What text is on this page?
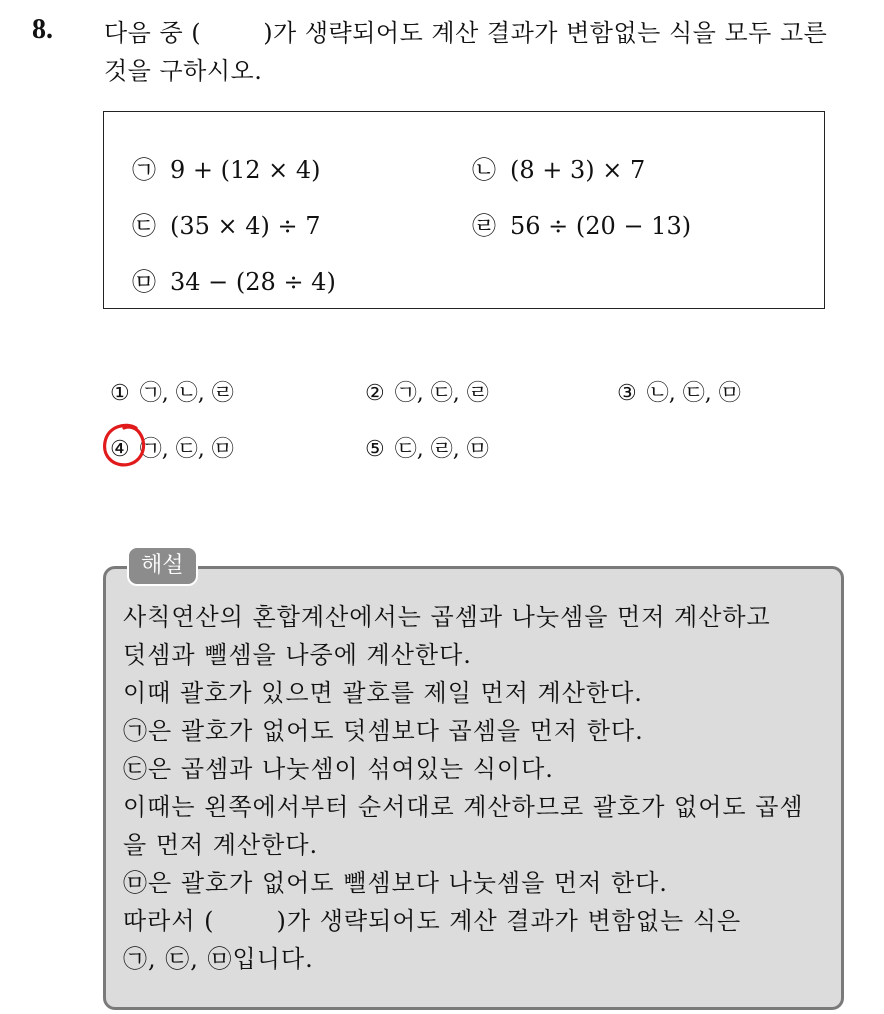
8. 다음 중 (	)가 생략되어도 계산 결과가 변함없는 식을 모두 고른
것을 구하시오.
㉠ 9 + (12 × 4)	㉡ (8 + 3) × 7
㉢ (35 × 4) ÷ 7	㉣ 56 ÷ (20 − 13)
㉤ 34 − (28 ÷ 4)
① ㉠, ㉡, ㉣	② ㉠, ㉢, ㉣	③ ㉡, ㉢, ㉤
④ ㉠, ㉢, ㉤	⑤ ㉢, ㉣, ㉤
해설
사칙연산의 혼합계산에서는 곱셈과 나눗셈을 먼저 계산하고
덧셈과 뺄셈을 나중에 계산한다.
이때 괄호가 있으면 괄호를 제일 먼저 계산한다.
㉠은 괄호가 없어도 덧셈보다 곱셈을 먼저 한다.
㉢은 곱셈과 나눗셈이 섞여있는 식이다.
이때는 왼쪽에서부터 순서대로 계산하므로 괄호가 없어도 곱셈
을 먼저 계산한다.
㉤은 괄호가 없어도 뺄셈보다 나눗셈을 먼저 한다.
따라서 (	)가 생략되어도 계산 결과가 변함없는 식은
㉠, ㉢, ㉤입니다.
